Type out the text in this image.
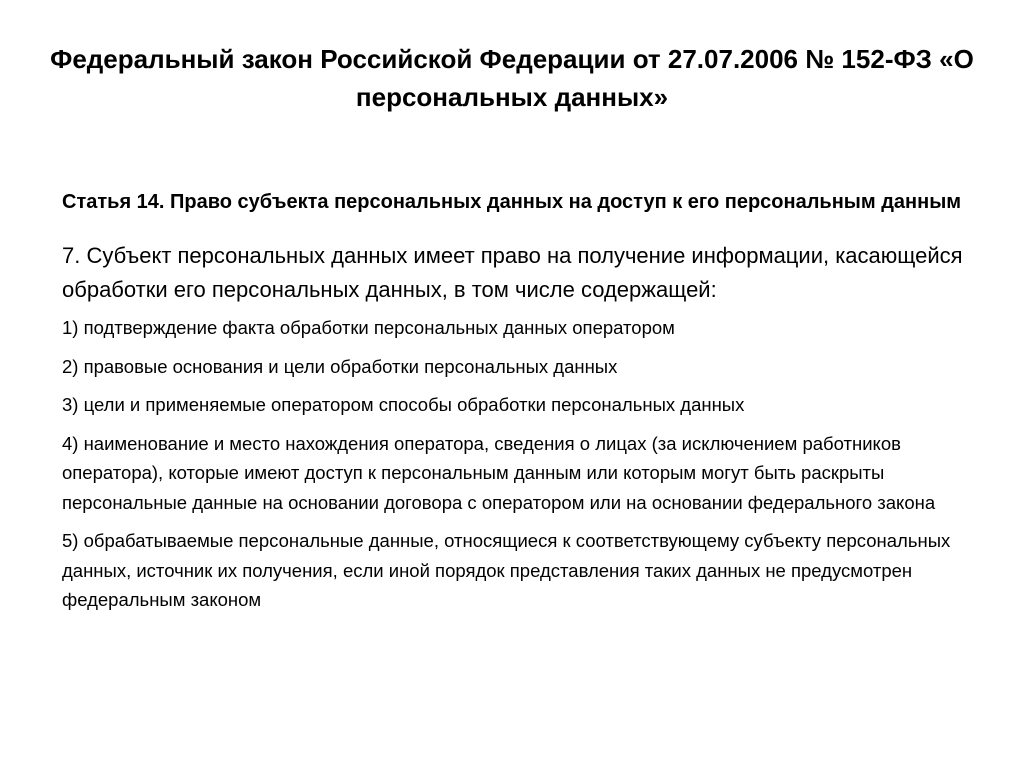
Федеральный закон Российской Федерации от 27.07.2006 № 152-ФЗ «О персональных данных»

Статья 14. Право субъекта персональных данных на доступ к его персональным данным

7. Субъект персональных данных имеет право на получение информации, касающейся обработки его персональных данных, в том числе содержащей:

1) подтверждение факта обработки персональных данных оператором
2) правовые основания и цели обработки персональных данных
3) цели и применяемые оператором способы обработки персональных данных
4) наименование и место нахождения оператора, сведения о лицах (за исключением работников оператора), которые имеют доступ к персональным данным или которым могут быть раскрыты персональные данные на основании договора с оператором или на основании федерального закона
5) обрабатываемые персональные данные, относящиеся к соответствующему субъекту персональных данных, источник их получения, если иной порядок представления таких данных не предусмотрен федеральным законом
